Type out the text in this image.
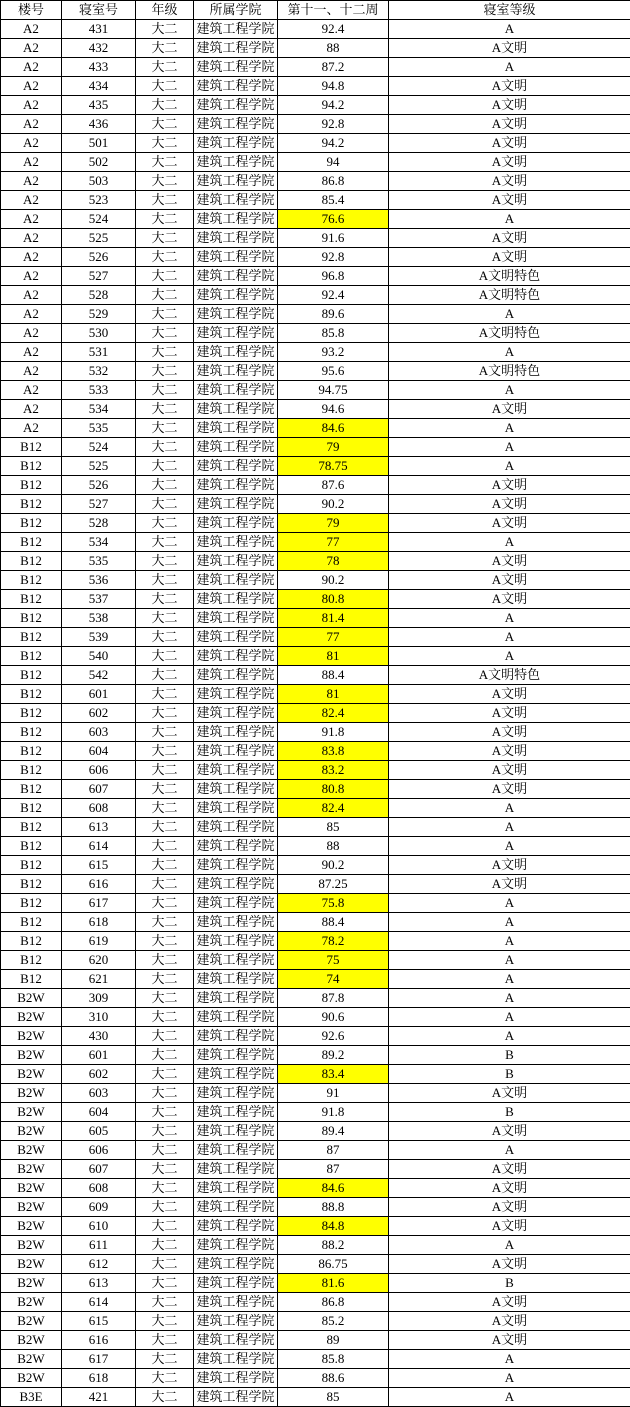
楼号	寝室号	年级	所属学院	第十一、十二周	寝室等级
A2	431	大二	建筑工程学院	92.4	A
A2	432	大二	建筑工程学院	88	A文明
A2	433	大二	建筑工程学院	87.2	A
A2	434	大二	建筑工程学院	94.8	A文明
A2	435	大二	建筑工程学院	94.2	A文明
A2	436	大二	建筑工程学院	92.8	A文明
A2	501	大二	建筑工程学院	94.2	A文明
A2	502	大二	建筑工程学院	94	A文明
A2	503	大二	建筑工程学院	86.8	A文明
A2	523	大二	建筑工程学院	85.4	A文明
A2	524	大二	建筑工程学院	76.6	A
A2	525	大二	建筑工程学院	91.6	A文明
A2	526	大二	建筑工程学院	92.8	A文明
A2	527	大二	建筑工程学院	96.8	A文明特色
A2	528	大二	建筑工程学院	92.4	A文明特色
A2	529	大二	建筑工程学院	89.6	A
A2	530	大二	建筑工程学院	85.8	A文明特色
A2	531	大二	建筑工程学院	93.2	A
A2	532	大二	建筑工程学院	95.6	A文明特色
A2	533	大二	建筑工程学院	94.75	A
A2	534	大二	建筑工程学院	94.6	A文明
A2	535	大二	建筑工程学院	84.6	A
B12	524	大二	建筑工程学院	79	A
B12	525	大二	建筑工程学院	78.75	A
B12	526	大二	建筑工程学院	87.6	A文明
B12	527	大二	建筑工程学院	90.2	A文明
B12	528	大二	建筑工程学院	79	A文明
B12	534	大二	建筑工程学院	77	A
B12	535	大二	建筑工程学院	78	A文明
B12	536	大二	建筑工程学院	90.2	A文明
B12	537	大二	建筑工程学院	80.8	A文明
B12	538	大二	建筑工程学院	81.4	A
B12	539	大二	建筑工程学院	77	A
B12	540	大二	建筑工程学院	81	A
B12	542	大二	建筑工程学院	88.4	A文明特色
B12	601	大二	建筑工程学院	81	A文明
B12	602	大二	建筑工程学院	82.4	A文明
B12	603	大二	建筑工程学院	91.8	A文明
B12	604	大二	建筑工程学院	83.8	A文明
B12	606	大二	建筑工程学院	83.2	A文明
B12	607	大二	建筑工程学院	80.8	A文明
B12	608	大二	建筑工程学院	82.4	A
B12	613	大二	建筑工程学院	85	A
B12	614	大二	建筑工程学院	88	A
B12	615	大二	建筑工程学院	90.2	A文明
B12	616	大二	建筑工程学院	87.25	A文明
B12	617	大二	建筑工程学院	75.8	A
B12	618	大二	建筑工程学院	88.4	A
B12	619	大二	建筑工程学院	78.2	A
B12	620	大二	建筑工程学院	75	A
B12	621	大二	建筑工程学院	74	A
B2W	309	大二	建筑工程学院	87.8	A
B2W	310	大二	建筑工程学院	90.6	A
B2W	430	大二	建筑工程学院	92.6	A
B2W	601	大二	建筑工程学院	89.2	B
B2W	602	大二	建筑工程学院	83.4	B
B2W	603	大二	建筑工程学院	91	A文明
B2W	604	大二	建筑工程学院	91.8	B
B2W	605	大二	建筑工程学院	89.4	A文明
B2W	606	大二	建筑工程学院	87	A
B2W	607	大二	建筑工程学院	87	A文明
B2W	608	大二	建筑工程学院	84.6	A文明
B2W	609	大二	建筑工程学院	88.8	A文明
B2W	610	大二	建筑工程学院	84.8	A文明
B2W	611	大二	建筑工程学院	88.2	A
B2W	612	大二	建筑工程学院	86.75	A文明
B2W	613	大二	建筑工程学院	81.6	B
B2W	614	大二	建筑工程学院	86.8	A文明
B2W	615	大二	建筑工程学院	85.2	A文明
B2W	616	大二	建筑工程学院	89	A文明
B2W	617	大二	建筑工程学院	85.8	A
B2W	618	大二	建筑工程学院	88.6	A
B3E	421	大二	建筑工程学院	85	A
